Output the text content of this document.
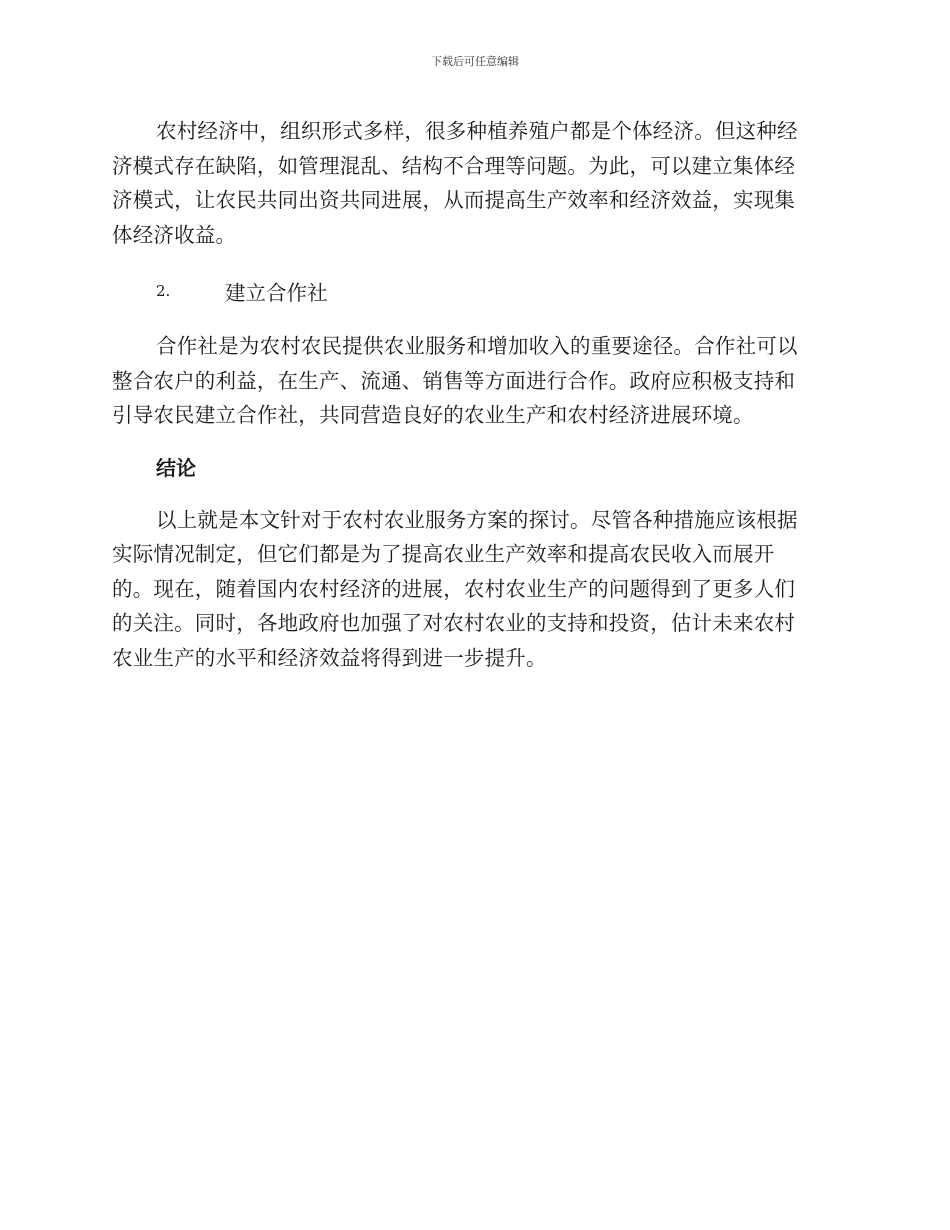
下载后可任意编辑

农村经济中，组织形式多样，很多种植养殖户都是个体经济。但这种经
济模式存在缺陷，如管理混乱、结构不合理等问题。为此，可以建立集体经
济模式，让农民共同出资共同进展，从而提高生产效率和经济效益，实现集
体经济收益。

2.	建立合作社

合作社是为农村农民提供农业服务和增加收入的重要途径。合作社可以
整合农户的利益，在生产、流通、销售等方面进行合作。政府应积极支持和
引导农民建立合作社，共同营造良好的农业生产和农村经济进展环境。

结论

以上就是本文针对于农村农业服务方案的探讨。尽管各种措施应该根据
实际情况制定，但它们都是为了提高农业生产效率和提高农民收入而展开
的。现在，随着国内农村经济的进展，农村农业生产的问题得到了更多人们
的关注。同时，各地政府也加强了对农村农业的支持和投资，估计未来农村
农业生产的水平和经济效益将得到进一步提升。
